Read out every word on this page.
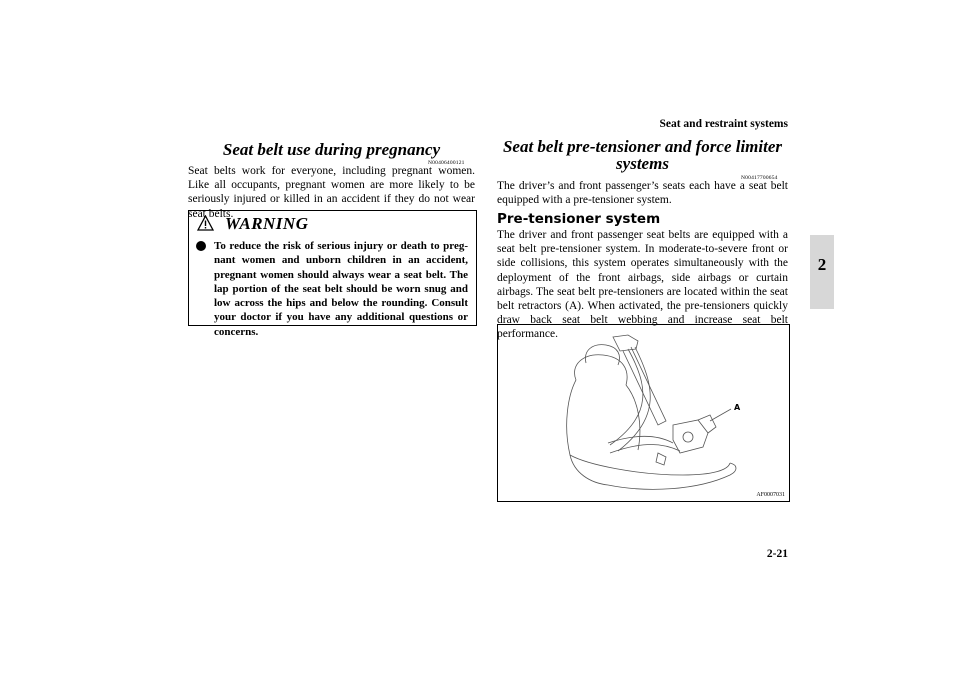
Seat and restraint systems
2
Seat belt use during pregnancy
N00406400121
Seat belts work for everyone, including pregnant women. Like all occupants, pregnant women are more likely to be seriously injured or killed in an accident if they do not wear seat belts.
WARNING
To reduce the risk of serious injury or death to preg-nant women and unborn children in an accident, pregnant women should always wear a seat belt. The lap portion of the seat belt should be worn snug and low across the hips and below the rounding. Consult your doctor if you have any additional questions or concerns.
Seat belt pre-tensioner and force limiter
systems
N00417700654
The driver’s and front passenger’s seats each have a seat belt equipped with a pre-tensioner system.
Pre-tensioner system
The driver and front passenger seat belts are equipped with a seat belt pre-tensioner system. In moderate-to-severe front or side collisions, this system operates simultaneously with the deployment of the front airbags, side airbags or curtain airbags. The seat belt pre-tensioners are located within the seat belt retractors (A). When activated, the pre-tensioners quickly draw back seat belt webbing and increase seat belt performance.
A
AF0007031
2-21
